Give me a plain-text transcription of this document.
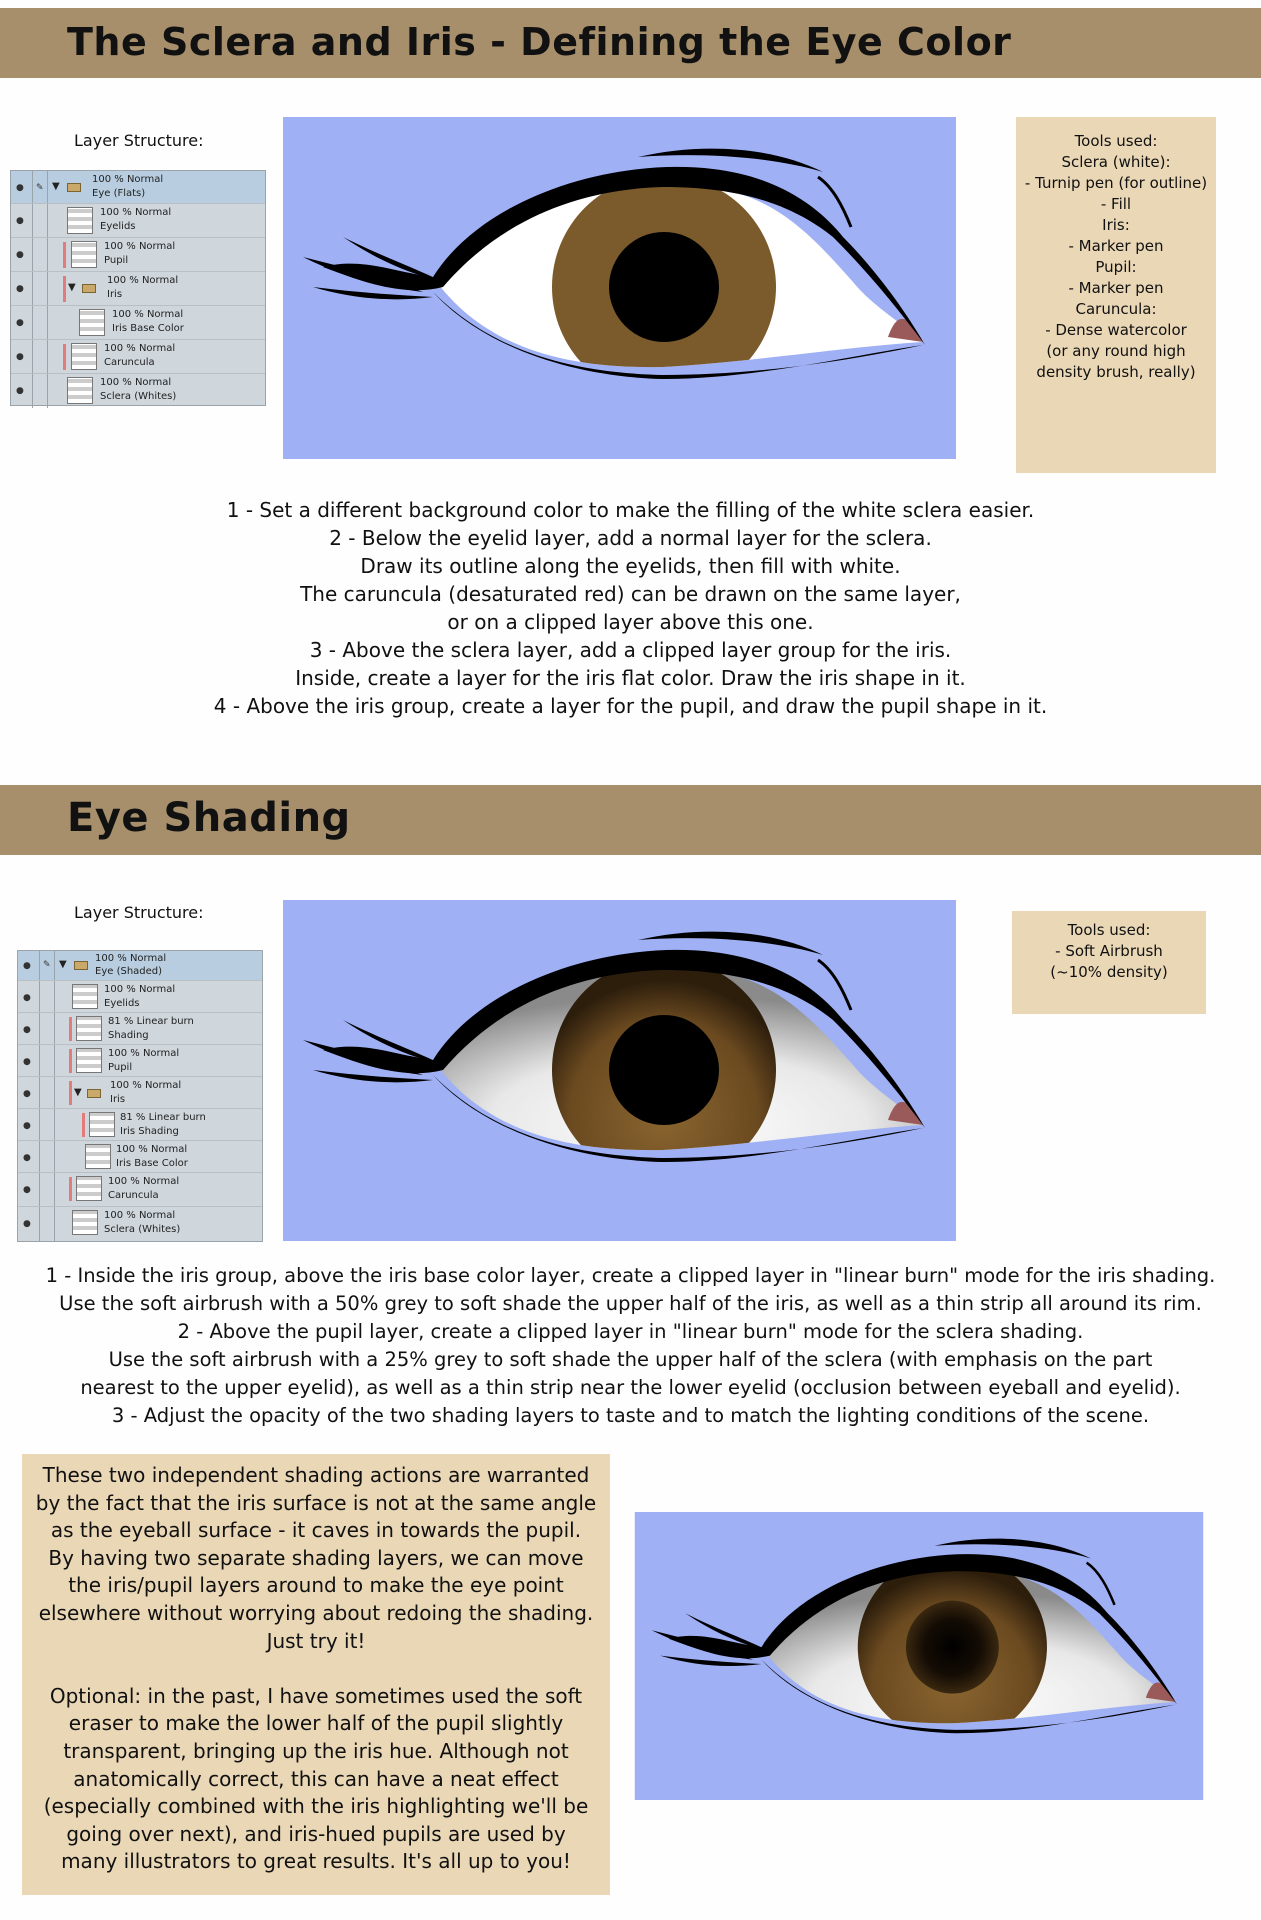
The Sclera and Iris - Defining the Eye Color
Layer Structure:
● ✎ ▼
100 % Normal
Eye (Flats)
●
100 % Normal
Eyelids
●
100 % Normal
Pupil
●	▼
100 % Normal
Iris
●
100 % Normal
Iris Base Color
●
100 % Normal
Caruncula
●
100 % Normal
Sclera (Whites)
Tools used:
Sclera (white):
- Turnip pen (for outline)
- Fill
Iris:
- Marker pen
Pupil:
- Marker pen
Caruncula:
- Dense watercolor
(or any round high
density brush, really)
1 - Set a different background color to make the filling of the white sclera easier.
2 - Below the eyelid layer, add a normal layer for the sclera.
Draw its outline along the eyelids, then fill with white.
The caruncula (desaturated red) can be drawn on the same layer,
or on a clipped layer above this one.
3 - Above the sclera layer, add a clipped layer group for the iris.
Inside, create a layer for the iris flat color. Draw the iris shape in it.
4 - Above the iris group, create a layer for the pupil, and draw the pupil shape in it.
Eye Shading
Layer Structure:
● ✎ ▼
100 % Normal
Eye (Shaded)
●
100 % Normal
Eyelids
●
81 % Linear burn
Shading
●
100 % Normal
Pupil
●	▼
100 % Normal
Iris
●
81 % Linear burn
Iris Shading
●
100 % Normal
Iris Base Color
●
100 % Normal
Caruncula
●
100 % Normal
Sclera (Whites)
Tools used:
- Soft Airbrush
(~10% density)
1 - Inside the iris group, above the iris base color layer, create a clipped layer in "linear burn" mode for the iris shading.
Use the soft airbrush with a 50% grey to soft shade the upper half of the iris, as well as a thin strip all around its rim.
2 - Above the pupil layer, create a clipped layer in "linear burn" mode for the sclera shading.
Use the soft airbrush with a 25% grey to soft shade the upper half of the sclera (with emphasis on the part
nearest to the upper eyelid), as well as a thin strip near the lower eyelid (occlusion between eyeball and eyelid).
3 - Adjust the opacity of the two shading layers to taste and to match the lighting conditions of the scene.
These two independent shading actions are warranted
by the fact that the iris surface is not at the same angle
as the eyeball surface - it caves in towards the pupil.
By having two separate shading layers, we can move
the iris/pupil layers around to make the eye point
elsewhere without worrying about redoing the shading.
Just try it!
Optional: in the past, I have sometimes used the soft
eraser to make the lower half of the pupil slightly
transparent, bringing up the iris hue. Although not
anatomically correct, this can have a neat effect
(especially combined with the iris highlighting we'll be
going over next), and iris-hued pupils are used by
many illustrators to great results. It's all up to you!
